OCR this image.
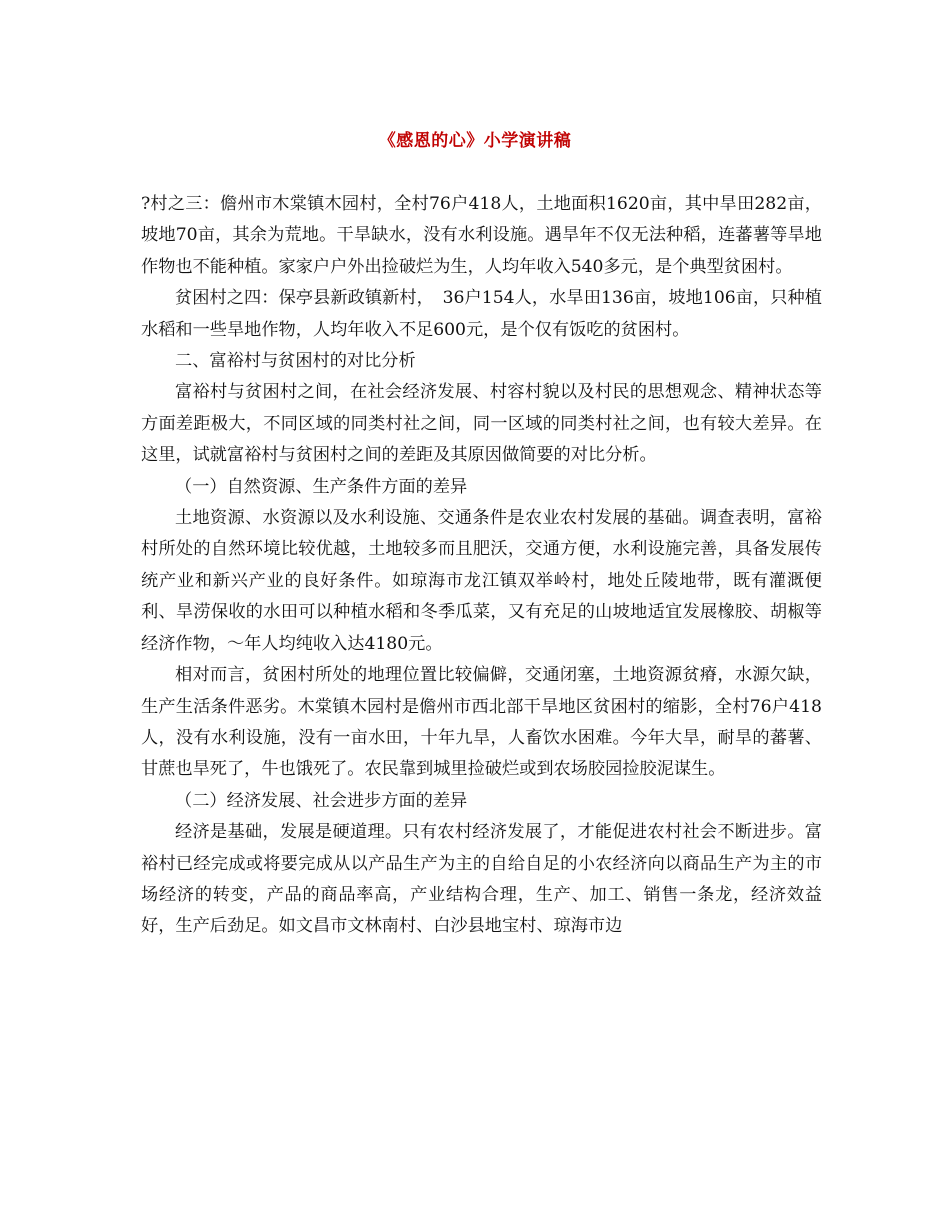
《感恩的心》小学演讲稿

?村之三：儋州市木棠镇木园村，全村76户418人，土地面积1620亩，其中旱田282亩，坡地70亩，其余为荒地。干旱缺水，没有水利设施。遇旱年不仅无法种稻，连蕃薯等旱地作物也不能种植。家家户户外出捡破烂为生，人均年收入540多元，是个典型贫困村。

贫困村之四：保亭县新政镇新村，　36户154人，水旱田136亩，坡地106亩，只种植水稻和一些旱地作物，人均年收入不足600元，是个仅有饭吃的贫困村。

二、富裕村与贫困村的对比分析

富裕村与贫困村之间，在社会经济发展、村容村貌以及村民的思想观念、精神状态等方面差距极大，不同区域的同类村社之间，同一区域的同类村社之间，也有较大差异。在这里，试就富裕村与贫困村之间的差距及其原因做简要的对比分析。

（一）自然资源、生产条件方面的差异

土地资源、水资源以及水利设施、交通条件是农业农村发展的基础。调查表明，富裕村所处的自然环境比较优越，土地较多而且肥沃，交通方便，水利设施完善，具备发展传统产业和新兴产业的良好条件。如琼海市龙江镇双举岭村，地处丘陵地带，既有灌溉便利、旱涝保收的水田可以种植水稻和冬季瓜菜，又有充足的山坡地适宜发展橡胶、胡椒等经济作物，～年人均纯收入达4180元。

相对而言，贫困村所处的地理位置比较偏僻，交通闭塞，土地资源贫瘠，水源欠缺，生产生活条件恶劣。木棠镇木园村是儋州市西北部干旱地区贫困村的缩影，全村76户418人，没有水利设施，没有一亩水田，十年九旱，人畜饮水困难。今年大旱，耐旱的蕃薯、甘蔗也旱死了，牛也饿死了。农民靠到城里捡破烂或到农场胶园捡胶泥谋生。

（二）经济发展、社会进步方面的差异

经济是基础，发展是硬道理。只有农村经济发展了，才能促进农村社会不断进步。富裕村已经完成或将要完成从以产品生产为主的自给自足的小农经济向以商品生产为主的市场经济的转变，产品的商品率高，产业结构合理，生产、加工、销售一条龙，经济效益好，生产后劲足。如文昌市文林南村、白沙县地宝村、琼海市边
